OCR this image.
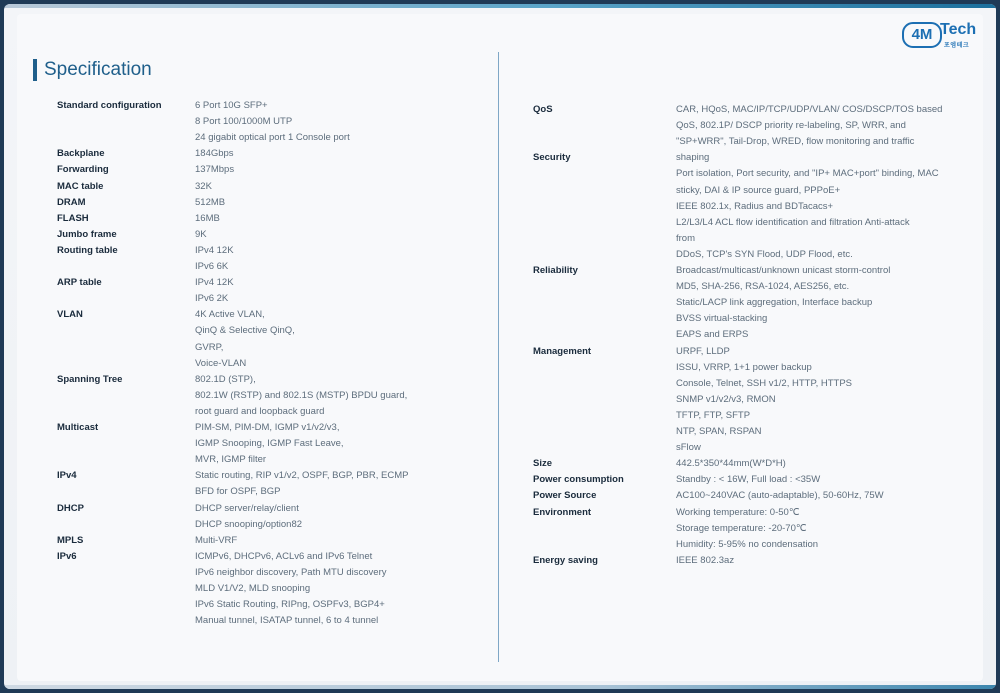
4M Tech
포엠테크
Specification
Standard configuration	6 Port 10G SFP+
8 Port 100/1000M UTP
24 gigabit optical port 1 Console port
Backplane	184Gbps
Forwarding	137Mbps
MAC table	32K
DRAM	512MB
FLASH	16MB
Jumbo frame	9K
Routing table	IPv4 12K
IPv6 6K
ARP table	IPv4 12K
IPv6 2K
VLAN	4K Active VLAN,
QinQ & Selective QinQ,
GVRP,
Voice-VLAN
Spanning Tree	802.1D (STP),
802.1W (RSTP) and 802.1S (MSTP) BPDU guard,
root guard and loopback guard
Multicast	PIM-SM, PIM-DM, IGMP v1/v2/v3,
IGMP Snooping, IGMP Fast Leave,
MVR, IGMP filter
IPv4	Static routing, RIP v1/v2, OSPF, BGP, PBR, ECMP
BFD for OSPF, BGP
DHCP	DHCP server/relay/client
DHCP snooping/option82
MPLS	Multi-VRF
IPv6	ICMPv6, DHCPv6, ACLv6 and IPv6 Telnet
IPv6 neighbor discovery, Path MTU discovery
MLD V1/V2, MLD snooping
IPv6 Static Routing, RIPng, OSPFv3, BGP4+
Manual tunnel, ISATAP tunnel, 6 to 4 tunnel
QoS	CAR, HQoS, MAC/IP/TCP/UDP/VLAN/ COS/DSCP/TOS based
QoS, 802.1P/ DSCP priority re-labeling, SP, WRR, and
"SP+WRR", Tail-Drop, WRED, flow monitoring and traffic
Security	shaping
Port isolation, Port security, and "IP+ MAC+port" binding, MAC
sticky, DAI & IP source guard, PPPoE+
IEEE 802.1x, Radius and BDTacacs+
L2/L3/L4 ACL flow identification and filtration Anti-attack
from
DDoS, TCP's SYN Flood, UDP Flood, etc.
Reliability	Broadcast/multicast/unknown unicast storm-control
MD5, SHA-256, RSA-1024, AES256, etc.
Static/LACP link aggregation, Interface backup
BVSS virtual-stacking
EAPS and ERPS
Management	URPF, LLDP
ISSU, VRRP, 1+1 power backup
Console, Telnet, SSH v1/2, HTTP, HTTPS
SNMP v1/v2/v3, RMON
TFTP, FTP, SFTP
NTP, SPAN, RSPAN
sFlow
Size	442.5*350*44mm(W*D*H)
Power consumption	Standby : < 16W, Full load : <35W
Power Source	AC100~240VAC (auto-adaptable), 50-60Hz, 75W
Environment	Working temperature: 0-50℃
Storage temperature: -20-70℃
Humidity: 5-95% no condensation
Energy saving	IEEE 802.3az
